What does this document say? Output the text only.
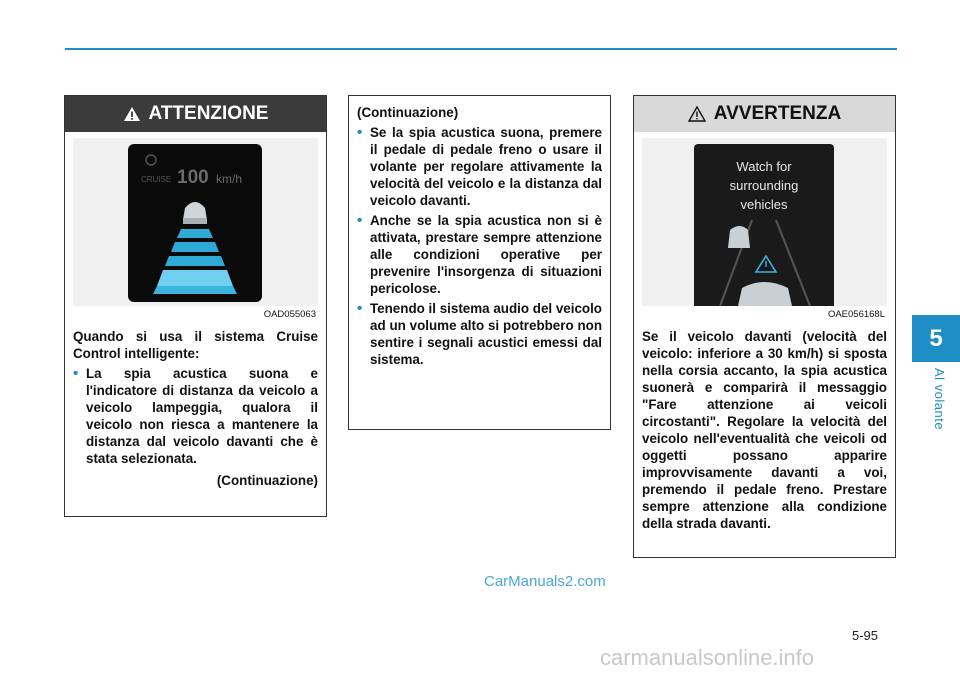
5
Al volante
ATTENZIONE
CRUISE 100 km/h
OAD055063

Quando si usa il sistema Cruise Control intelligente:

• La spia acustica suona e l'indicatore di distanza da veicolo a veicolo lampeggia, qualora il veicolo non riesca a mantenere la distanza dal veicolo davanti che è stata selezionata.

(Continuazione)

(Continuazione)

• Se la spia acustica suona, premere il pedale di pedale freno o usare il volante per regolare attivamente la velocità del veicolo e la distanza dal veicolo davanti.
• Anche se la spia acustica non si è attivata, prestare sempre attenzione alle condizioni operative per prevenire l'insorgenza di situazioni pericolose.
• Tenendo il sistema audio del veicolo ad un volume alto si potrebbero non sentire i segnali acustici emessi dal sistema.
AVVERTENZA
Watch for
surrounding
vehicles
OAE056168L

Se il veicolo davanti (velocità del veicolo: inferiore a 30 km/h) si sposta nella corsia accanto, la spia acustica suonerà e comparirà il messaggio "Fare attenzione ai veicoli circostanti". Regolare la velocità del veicolo nell'eventualità che veicoli od oggetti possano apparire improvvisamente davanti a voi, premendo il pedale freno. Prestare sempre attenzione alla condizione della strada davanti.

CarManuals2.com
5-95
carmanualsonline.info
